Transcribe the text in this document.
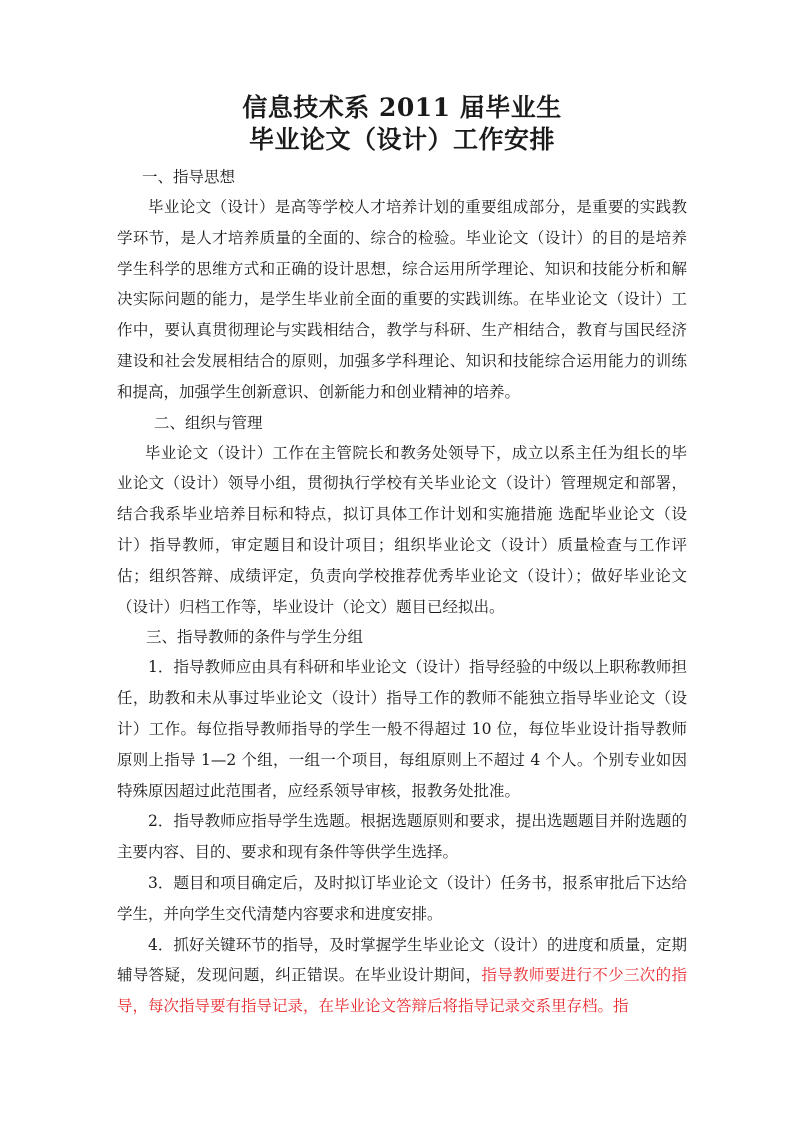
信息技术系 2011 届毕业生
毕业论文（设计）工作安排

一、指导思想

毕业论文（设计）是高等学校人才培养计划的重要组成部分，是重要的实践教学环节，是人才培养质量的全面的、综合的检验。毕业论文（设计）的目的是培养学生科学的思维方式和正确的设计思想，综合运用所学理论、知识和技能分析和解决实际问题的能力，是学生毕业前全面的重要的实践训练。在毕业论文（设计）工作中，要认真贯彻理论与实践相结合，教学与科研、生产相结合，教育与国民经济建设和社会发展相结合的原则，加强多学科理论、知识和技能综合运用能力的训练和提高，加强学生创新意识、创新能力和创业精神的培养。

二、组织与管理

毕业论文（设计）工作在主管院长和教务处领导下，成立以系主任为组长的毕业论文（设计）领导小组，贯彻执行学校有关毕业论文（设计）管理规定和部署，结合我系毕业培养目标和特点，拟订具体工作计划和实施措施 选配毕业论文（设计）指导教师，审定题目和设计项目；组织毕业论文（设计）质量检查与工作评估；组织答辩、成绩评定，负责向学校推荐优秀毕业论文（设计）；做好毕业论文（设计）归档工作等，毕业设计（论文）题目已经拟出。

三、指导教师的条件与学生分组

1．指导教师应由具有科研和毕业论文（设计）指导经验的中级以上职称教师担任，助教和未从事过毕业论文（设计）指导工作的教师不能独立指导毕业论文（设计）工作。每位指导教师指导的学生一般不得超过 10 位，每位毕业设计指导教师原则上指导 1—2 个组，一组一个项目，每组原则上不超过 4 个人。个别专业如因特殊原因超过此范围者，应经系领导审核，报教务处批准。

2．指导教师应指导学生选题。根据选题原则和要求，提出选题题目并附选题的主要内容、目的、要求和现有条件等供学生选择。

3．题目和项目确定后，及时拟订毕业论文（设计）任务书，报系审批后下达给学生，并向学生交代清楚内容要求和进度安排。

4．抓好关键环节的指导，及时掌握学生毕业论文（设计）的进度和质量，定期辅导答疑，发现问题，纠正错误。在毕业设计期间，指导教师要进行不少三次的指导，每次指导要有指导记录，在毕业论文答辩后将指导记录交系里存档。指
